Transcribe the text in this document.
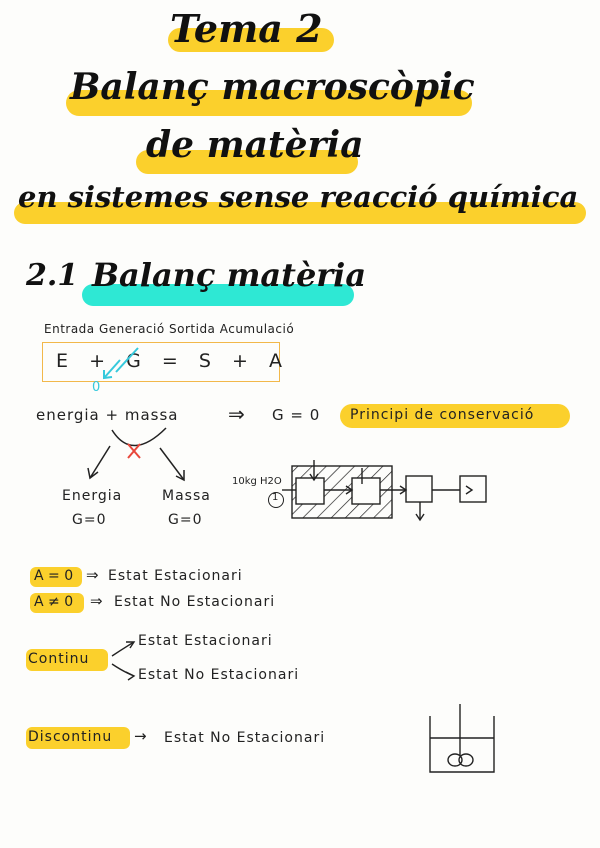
Tema 2
Balanç macroscòpic
de matèria
en sistemes sense reacció química
2.1 Balanç matèria
Entrada Generació Sortida Acumulació
E  +  G  =  S  +  A
0
energia + massa ⇒ G = 0 Principi de conservació
Energia
G=0
Massa
G=0
10kg H2O
1
A = 0 ⇒ Estat Estacionari
A ≠ 0 ⇒ Estat No Estacionari
Continu
Estat Estacionari
Estat No Estacionari
Discontinu → Estat No Estacionari
